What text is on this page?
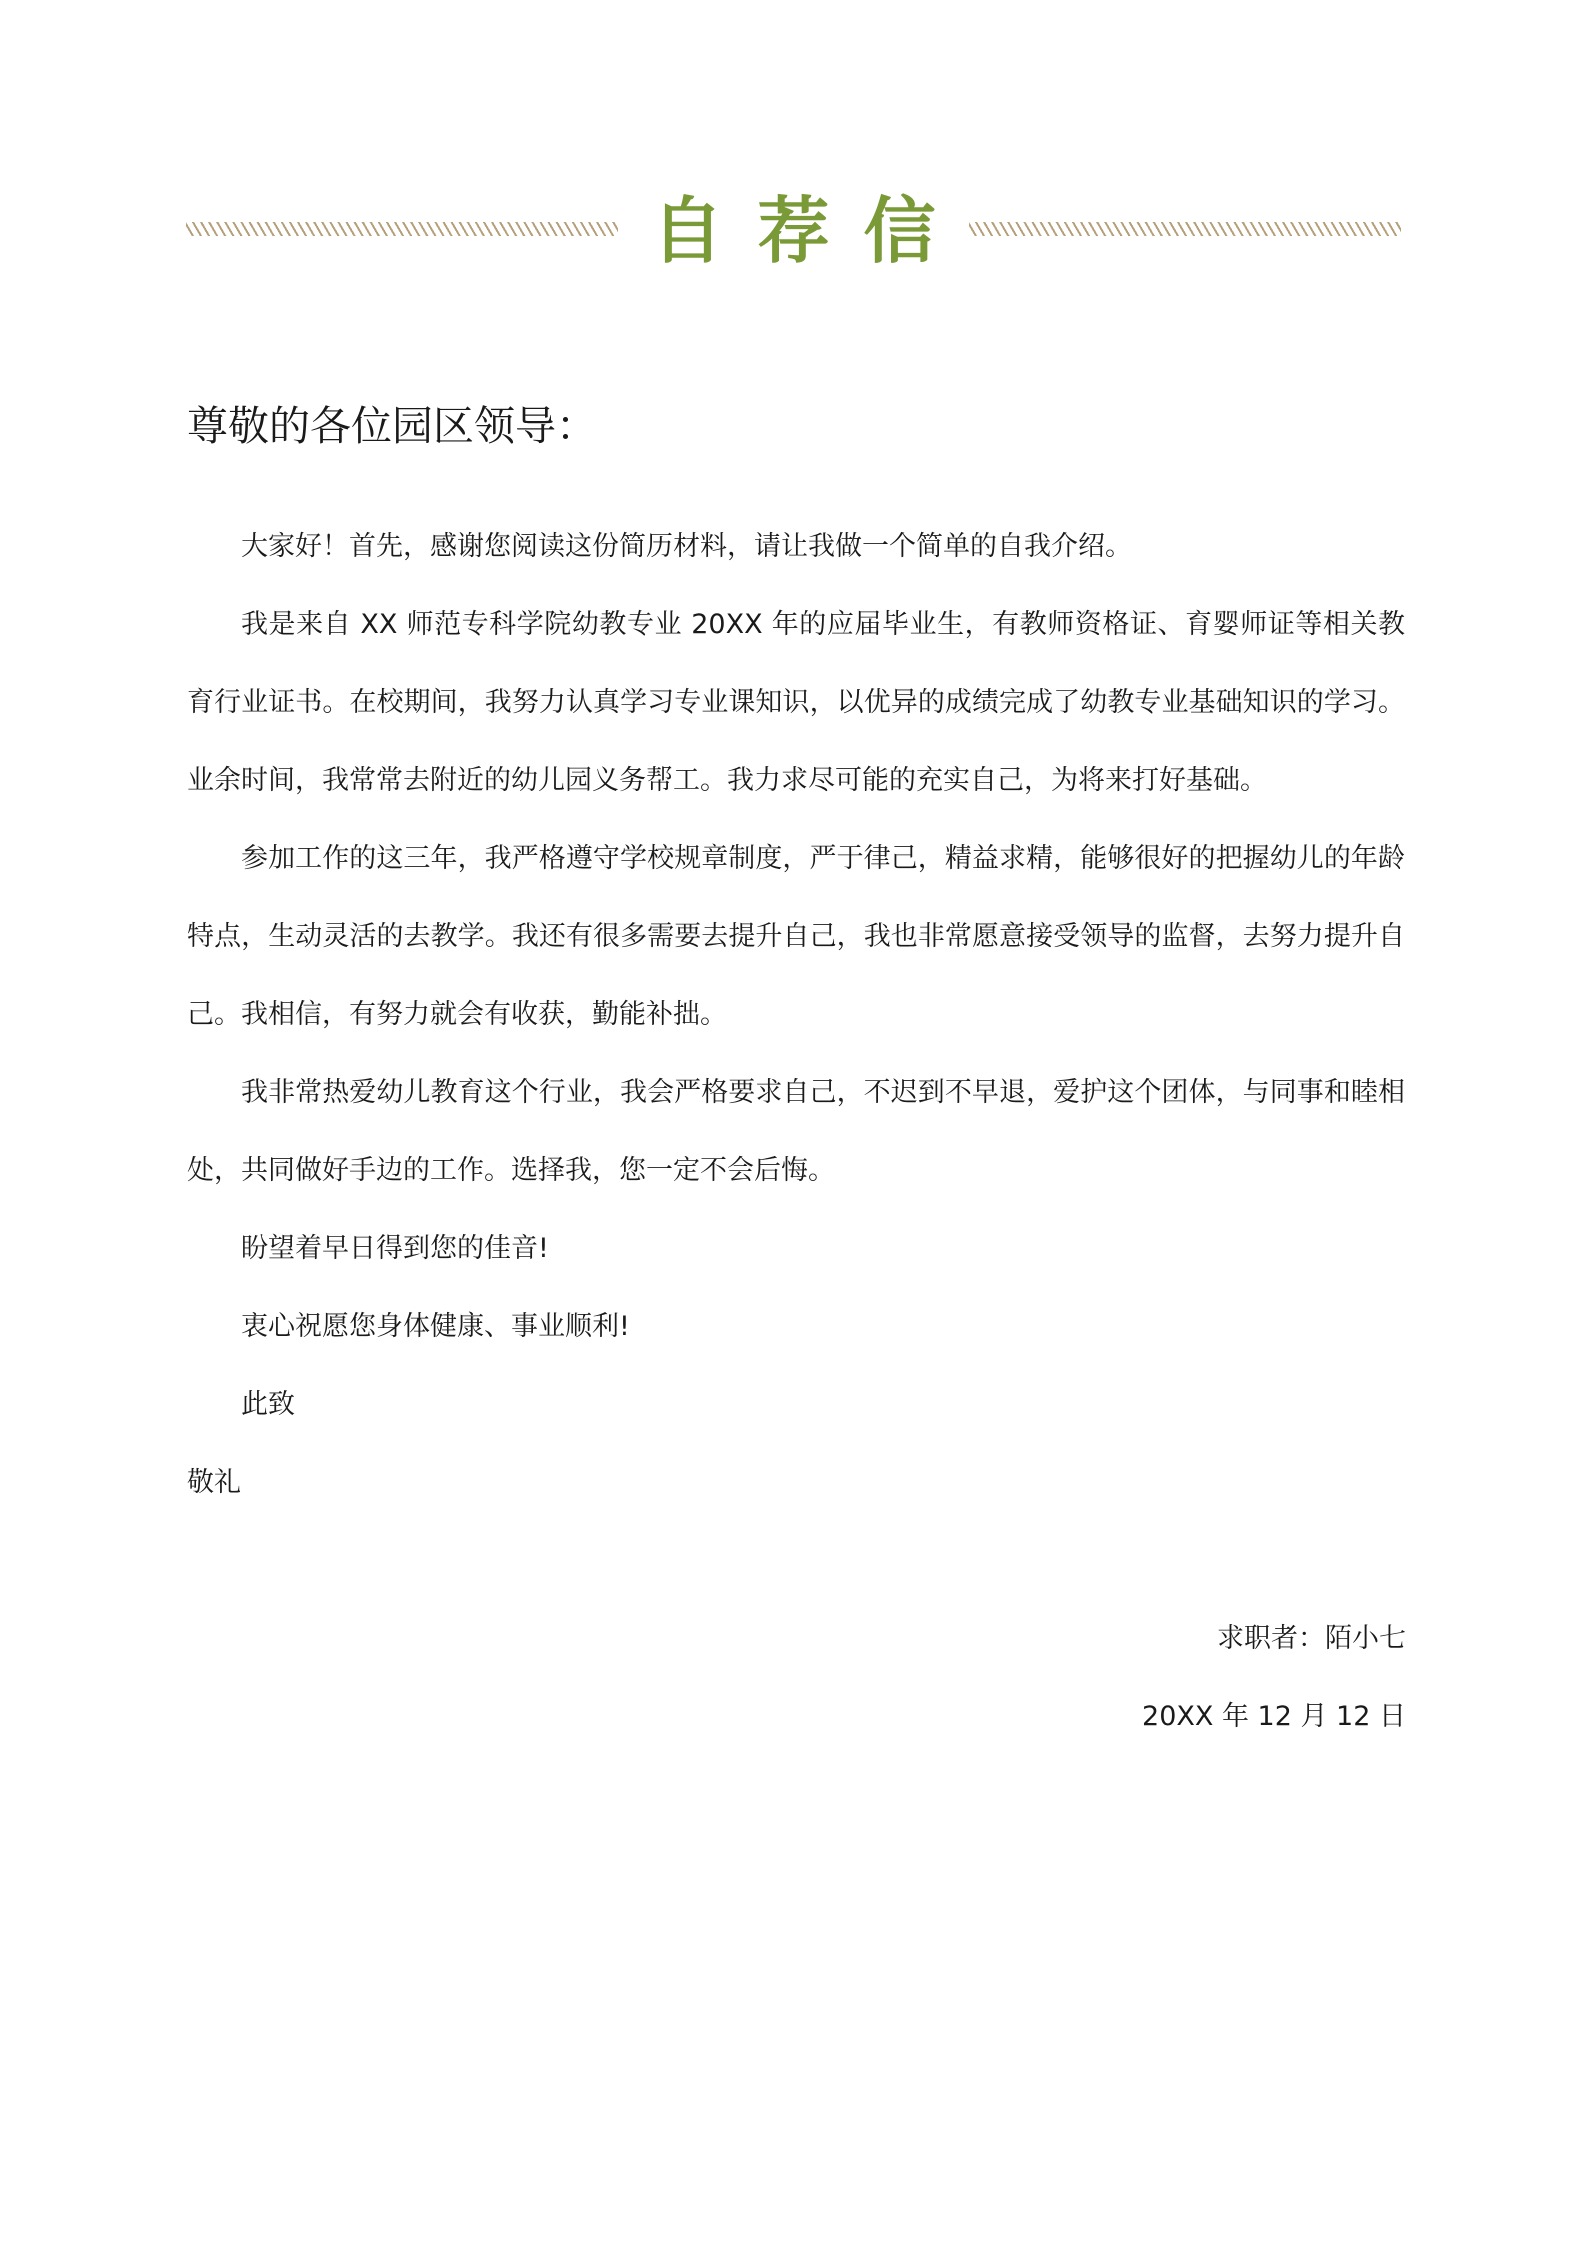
自荐信
尊敬的各位园区领导：

大家好！首先，感谢您阅读这份简历材料，请让我做一个简单的自我介绍。

我是来自 XX 师范专科学院幼教专业 20XX 年的应届毕业生，有教师资格证、育婴师证等相关教育行业证书。在校期间，我努力认真学习专业课知识，以优异的成绩完成了幼教专业基础知识的学习。业余时间，我常常去附近的幼儿园义务帮工。我力求尽可能的充实自己，为将来打好基础。

参加工作的这三年，我严格遵守学校规章制度，严于律己，精益求精，能够很好的把握幼儿的年龄特点，生动灵活的去教学。我还有很多需要去提升自己，我也非常愿意接受领导的监督，去努力提升自己。我相信，有努力就会有收获，勤能补拙。

我非常热爱幼儿教育这个行业，我会严格要求自己，不迟到不早退，爱护这个团体，与同事和睦相处，共同做好手边的工作。选择我，您一定不会后悔。

盼望着早日得到您的佳音!

衷心祝愿您身体健康、事业顺利!

此致

敬礼

求职者：陌小七
20XX 年 12 月 12 日
